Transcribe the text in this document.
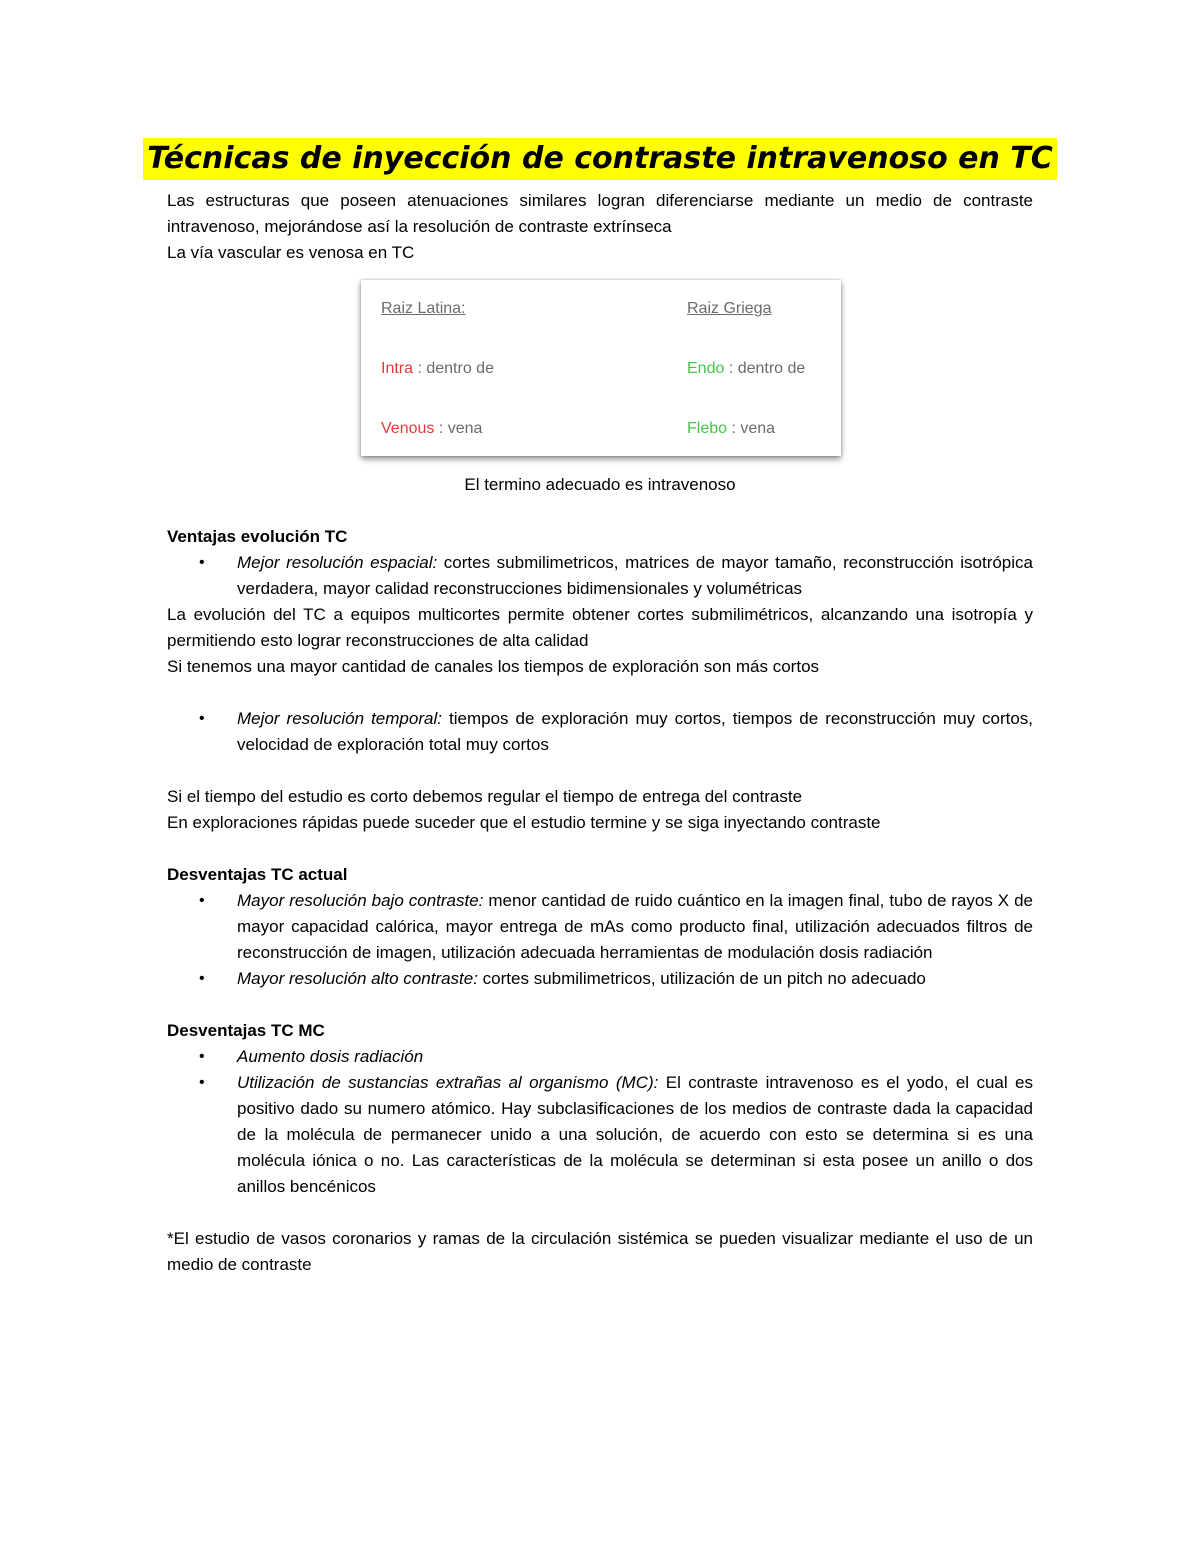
Técnicas de inyección de contraste intravenoso en TC

Las estructuras que poseen atenuaciones similares logran diferenciarse mediante un medio de contraste intravenoso, mejorándose así la resolución de contraste extrínseca

La vía vascular es venosa en TC

Raiz Latina:
Intra : dentro de
Venous : vena
Raiz Griega
Endo : dentro de
Flebo : vena

El termino adecuado es intravenoso

Ventajas evolución TC

• Mejor resolución espacial: cortes submilimetricos, matrices de mayor tamaño, reconstrucción isotrópica verdadera, mayor calidad reconstrucciones bidimensionales y volumétricas

La evolución del TC a equipos multicortes permite obtener cortes submilimétricos, alcanzando una isotropía y permitiendo esto lograr reconstrucciones de alta calidad

Si tenemos una mayor cantidad de canales los tiempos de exploración son más cortos

• Mejor resolución temporal: tiempos de exploración muy cortos, tiempos de reconstrucción muy cortos, velocidad de exploración total muy cortos

Si el tiempo del estudio es corto debemos regular el tiempo de entrega del contraste

En exploraciones rápidas puede suceder que el estudio termine y se siga inyectando contraste

Desventajas TC actual

• Mayor resolución bajo contraste: menor cantidad de ruido cuántico en la imagen final, tubo de rayos X de mayor capacidad calórica, mayor entrega de mAs como producto final, utilización adecuados filtros de reconstrucción de imagen, utilización adecuada herramientas de modulación dosis radiación
• Mayor resolución alto contraste: cortes submilimetricos, utilización de un pitch no adecuado

Desventajas TC MC

• Aumento dosis radiación
• Utilización de sustancias extrañas al organismo (MC): El contraste intravenoso es el yodo, el cual es positivo dado su numero atómico. Hay subclasificaciones de los medios de contraste dada la capacidad de la molécula de permanecer unido a una solución, de acuerdo con esto se determina si es una molécula iónica o no. Las características de la molécula se determinan si esta posee un anillo o dos anillos bencénicos

*El estudio de vasos coronarios y ramas de la circulación sistémica se pueden visualizar mediante el uso de un medio de contraste
